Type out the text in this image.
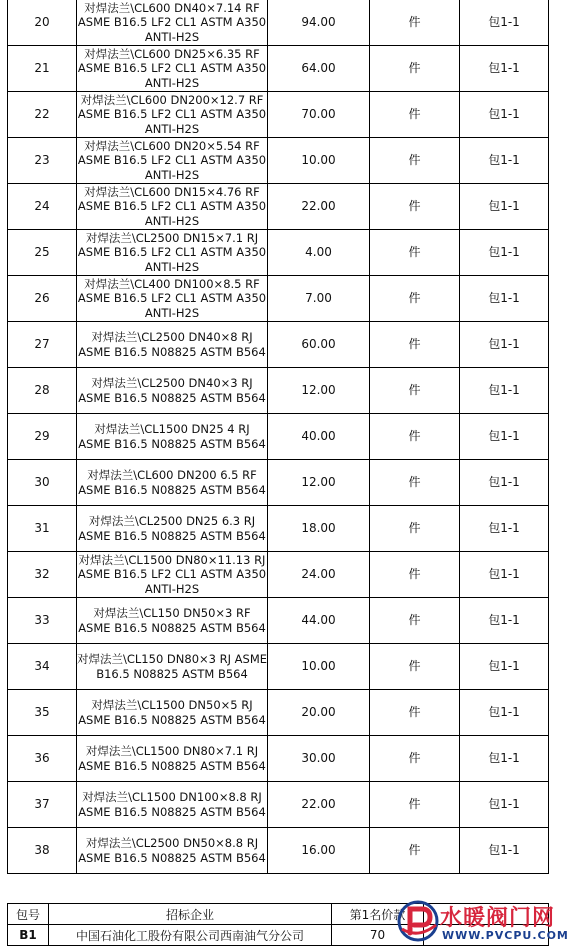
20	对焊法兰\CL600 DN40×7.14 RF ASME B16.5 LF2 CL1 ASTM A350 ANTI-H2S	94.00	件	包1-1
21	对焊法兰\CL600 DN25×6.35 RF ASME B16.5 LF2 CL1 ASTM A350 ANTI-H2S	64.00	件	包1-1
22	对焊法兰\CL600 DN200×12.7 RF ASME B16.5 LF2 CL1 ASTM A350 ANTI-H2S	70.00	件	包1-1
23	对焊法兰\CL600 DN20×5.54 RF ASME B16.5 LF2 CL1 ASTM A350 ANTI-H2S	10.00	件	包1-1
24	对焊法兰\CL600 DN15×4.76 RF ASME B16.5 LF2 CL1 ASTM A350 ANTI-H2S	22.00	件	包1-1
25	对焊法兰\CL2500 DN15×7.1 RJ ASME B16.5 LF2 CL1 ASTM A350 ANTI-H2S	4.00	件	包1-1
26	对焊法兰\CL400 DN100×8.5 RF ASME B16.5 LF2 CL1 ASTM A350 ANTI-H2S	7.00	件	包1-1
27	对焊法兰\CL2500 DN40×8 RJ ASME B16.5 N08825 ASTM B564	60.00	件	包1-1
28	对焊法兰\CL2500 DN40×3 RJ ASME B16.5 N08825 ASTM B564	12.00	件	包1-1
29	对焊法兰\CL1500 DN25 4 RJ ASME B16.5 N08825 ASTM B564	40.00	件	包1-1
30	对焊法兰\CL600 DN200 6.5 RF ASME B16.5 N08825 ASTM B564	12.00	件	包1-1
31	对焊法兰\CL2500 DN25 6.3 RJ ASME B16.5 N08825 ASTM B564	18.00	件	包1-1
32	对焊法兰\CL1500 DN80×11.13 RJ ASME B16.5 LF2 CL1 ASTM A350 ANTI-H2S	24.00	件	包1-1
33	对焊法兰\CL150 DN50×3 RF ASME B16.5 N08825 ASTM B564	44.00	件	包1-1
34	对焊法兰\CL150 DN80×3 RJ ASME B16.5 N08825 ASTM B564	10.00	件	包1-1
35	对焊法兰\CL1500 DN50×5 RJ ASME B16.5 N08825 ASTM B564	20.00	件	包1-1
36	对焊法兰\CL1500 DN80×7.1 RJ ASME B16.5 N08825 ASTM B564	30.00	件	包1-1
37	对焊法兰\CL1500 DN100×8.8 RJ ASME B16.5 N08825 ASTM B564	22.00	件	包1-1
38	对焊法兰\CL2500 DN50×8.8 RJ ASME B16.5 N08825 ASTM B564	16.00	件	包1-1
包号	招标企业	第1名价款	
B1	中国石油化工股份有限公司西南油气分公司	70	
水暖阀门网
WWW.PVCPU.COM
